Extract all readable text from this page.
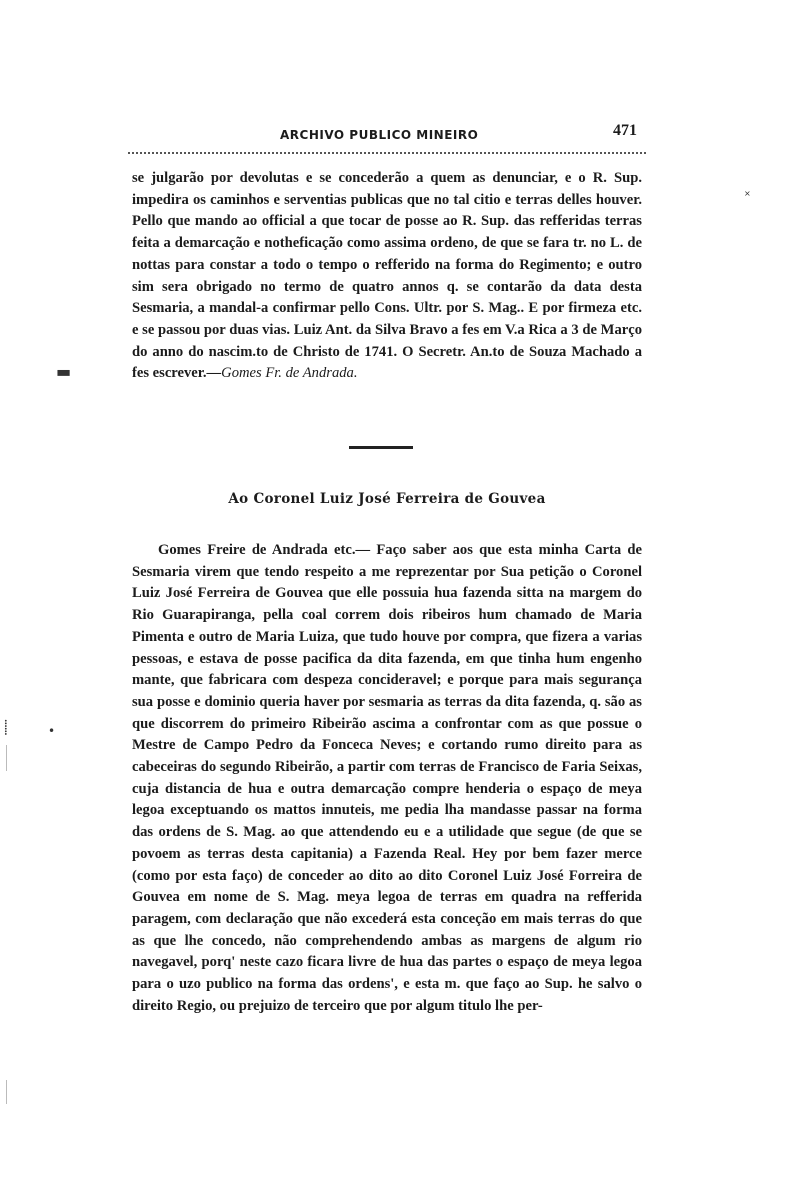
ARCHIVO PUBLICO MINEIRO	471

se julgarão por devolutas e se concederão a quem as denunciar, e o R. Sup. impedira os caminhos e serventias publicas que no tal citio e terras delles houver. Pello que mando ao official a que tocar de posse ao R. Sup. das refferidas terras feita a demarcação e notheficação como assima ordeno, de que se fara tr. no L. de nottas para constar a todo o tempo o refferido na forma do Regimento; e outro sim sera obrigado no termo de quatro annos q. se contarão da data desta Sesmaria, a mandal-a confirmar pello Cons. Ultr. por S. Mag.. E por firmeza etc. e se passou por duas vias. Luiz Ant. da Silva Bravo a fes em V.a Rica a 3 de Março do anno do nascim.to de Christo de 1741. O Secretr. An.to de Souza Machado a fes escrever.—Gomes Fr. de Andrada.

Ao Coronel Luiz José Ferreira de Gouvea

Gomes Freire de Andrada etc.— Faço saber aos que esta minha Carta de Sesmaria virem que tendo respeito a me reprezentar por Sua petição o Coronel Luiz José Ferreira de Gouvea que elle possuia hua fazenda sitta na margem do Rio Guarapiranga, pella coal correm dois ribeiros hum chamado de Maria Pimenta e outro de Maria Luiza, que tudo houve por compra, que fizera a varias pessoas, e estava de posse pacifica da dita fazenda, em que tinha hum engenho mante, que fabricara com despeza concideravel; e porque para mais segurança sua posse e dominio queria haver por sesmaria as terras da dita fazenda, q. são as que discorrem do primeiro Ribeirão ascima a confrontar com as que possue o Mestre de Campo Pedro da Fonceca Neves; e cortando rumo direito para as cabeceiras do segundo Ribeirão, a partir com terras de Francisco de Faria Seixas, cuja distancia de hua e outra demarcação compre henderia o espaço de meya legoa exceptuando os mattos innuteis, me pedia lha mandasse passar na forma das ordens de S. Mag. ao que attendendo eu e a utilidade que segue (de que se povoem as terras desta capitania) a Fazenda Real. Hey por bem fazer merce (como por esta faço) de conceder ao dito ao dito Coronel Luiz José Forreira de Gouvea em nome de S. Mag. meya legoa de terras em quadra na refferida paragem, com declaração que não excederá esta conceção em mais terras do que as que lhe concedo, não comprehendendo ambas as margens de algum rio navegavel, porq' neste cazo ficara livre de hua das partes o espaço de meya legoa para o uzo publico na forma das ordens', e esta m. que faço ao Sup. he salvo o direito Regio, ou prejuizo de terceiro que por algum titulo lhe per-

×
▬
⸽	•
